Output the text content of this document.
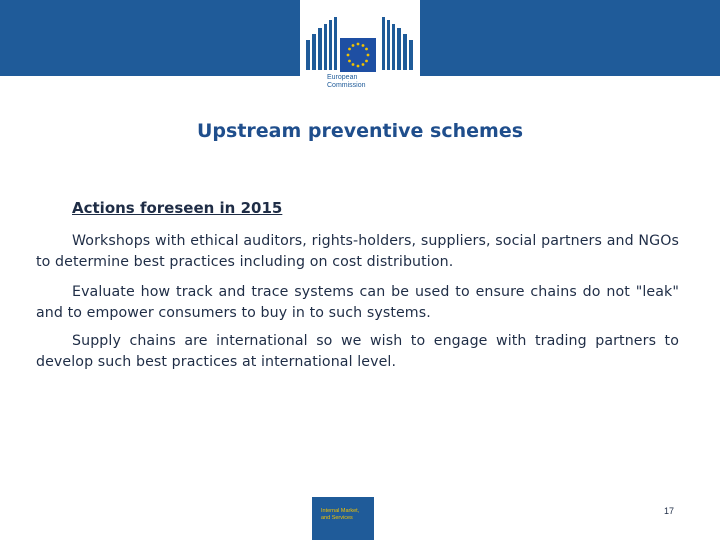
European
Commission
Upstream preventive schemes
Actions foreseen in 2015
Workshops with ethical auditors, rights-holders, suppliers, social partners and NGOs to determine best practices including on cost distribution.
Evaluate how track and trace systems can be used to ensure chains do not "leak" and to empower consumers to buy in to such systems.
Supply chains are international so we wish to engage with trading partners to develop such best practices at international level.
Internal Market,
and Services
17
